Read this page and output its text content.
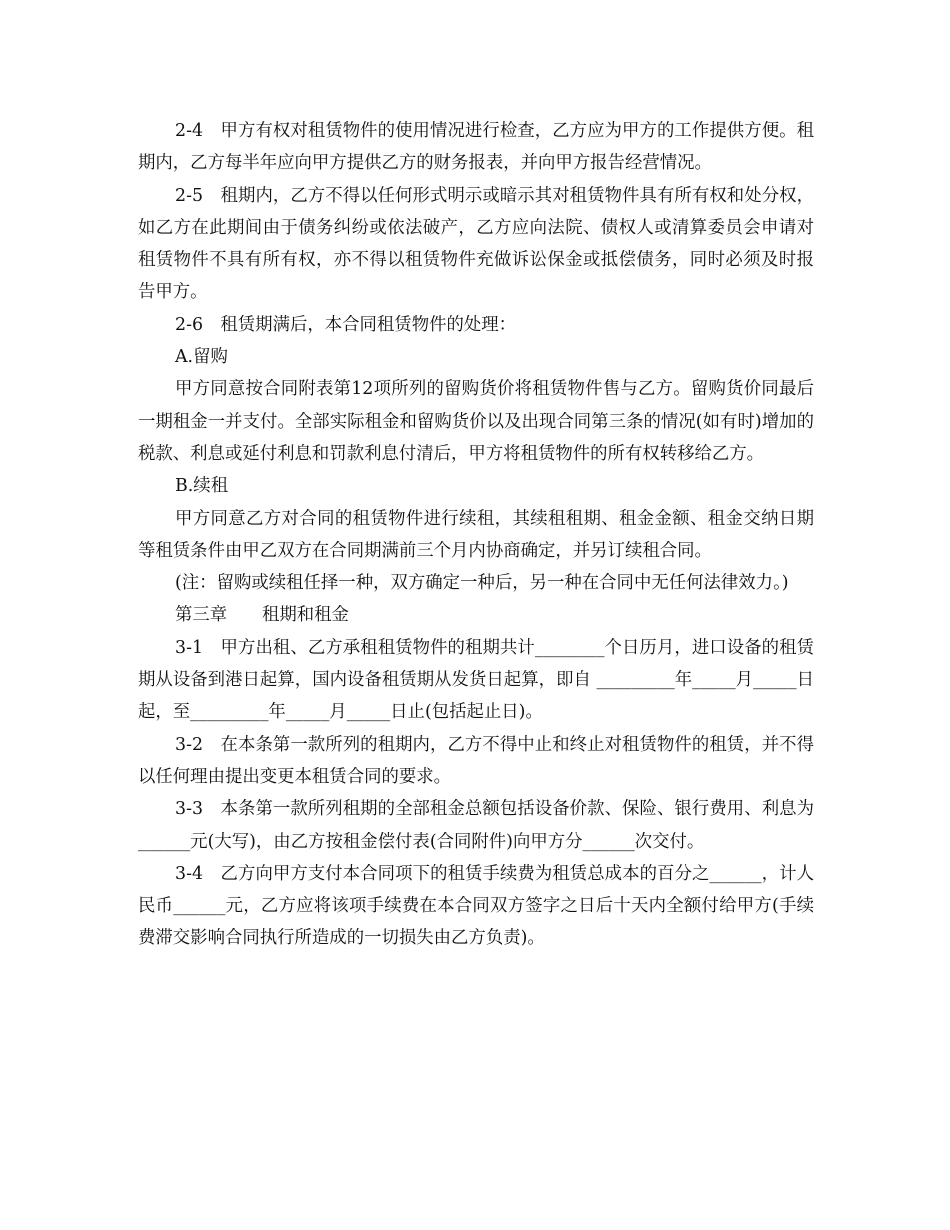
2-4　甲方有权对租赁物件的使用情况进行检查，乙方应为甲方的工作提供方便。租期内，乙方每半年应向甲方提供乙方的财务报表，并向甲方报告经营情况。

2-5　租期内，乙方不得以任何形式明示或暗示其对租赁物件具有所有权和处分权，如乙方在此期间由于债务纠纷或依法破产，乙方应向法院、债权人或清算委员会申请对租赁物件不具有所有权，亦不得以租赁物件充做诉讼保金或抵偿债务，同时必须及时报告甲方。

2-6　租赁期满后，本合同租赁物件的处理：

A.留购

甲方同意按合同附表第12项所列的留购货价将租赁物件售与乙方。留购货价同最后一期租金一并支付。全部实际租金和留购货价以及出现合同第三条的情况(如有时)增加的税款、利息或延付利息和罚款利息付清后，甲方将租赁物件的所有权转移给乙方。

B.续租

甲方同意乙方对合同的租赁物件进行续租，其续租租期、租金金额、租金交纳日期等租赁条件由甲乙双方在合同期满前三个月内协商确定，并另订续租合同。

(注：留购或续租任择一种，双方确定一种后，另一种在合同中无任何法律效力。)

第三章　　租期和租金

3-1　甲方出租、乙方承租租赁物件的租期共计________个日历月，进口设备的租赁期从设备到港日起算，国内设备租赁期从发货日起算，即自 _________年_____月_____日起，至_________年_____月_____日止(包括起止日)。

3-2　在本条第一款所列的租期内，乙方不得中止和终止对租赁物件的租赁，并不得以任何理由提出变更本租赁合同的要求。

3-3　本条第一款所列租期的全部租金总额包括设备价款、保险、银行费用、利息为______元(大写)，由乙方按租金偿付表(合同附件)向甲方分______次交付。

3-4　乙方向甲方支付本合同项下的租赁手续费为租赁总成本的百分之______，计人民币______元，乙方应将该项手续费在本合同双方签字之日后十天内全额付给甲方(手续费滞交影响合同执行所造成的一切损失由乙方负责)。
